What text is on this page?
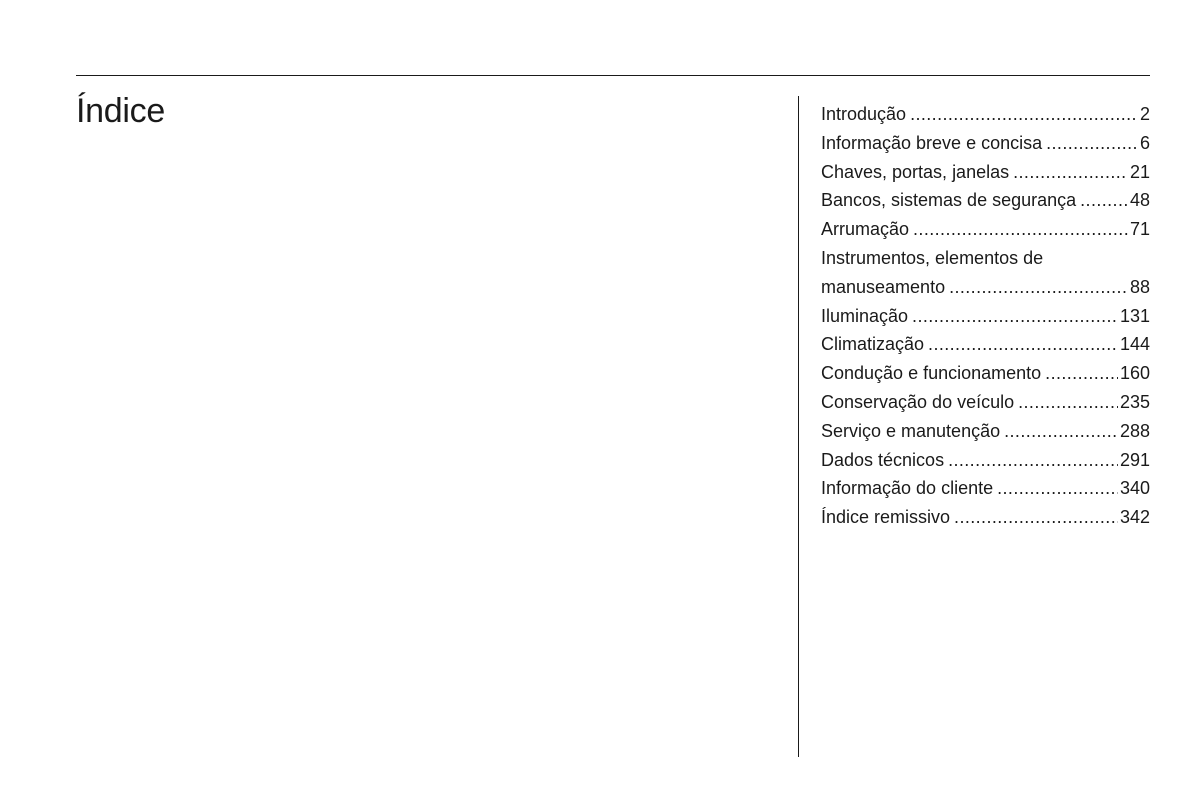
Índice	Introdução . . .	2
Informação breve e concisa . . .	6
Chaves, portas, janelas . . .	21
Bancos, sistemas de segurança . . .	48
Arrumação . . .	71
Instrumentos, elementos de
manuseamento . . .	88
Iluminação . . .	131
Climatização . . .	144
Condução e funcionamento . . .	160
Conservação do veículo . . .	235
Serviço e manutenção . . .	288
Dados técnicos . . .	291
Informação do cliente . . .	340
Índice remissivo . . .	342
